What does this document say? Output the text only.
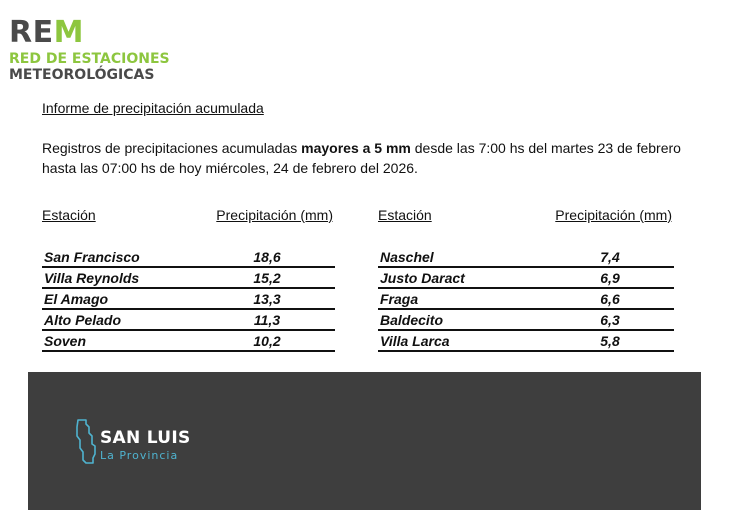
REM
RED DE ESTACIONES
METEOROLÓGICAS
Informe de precipitación acumulada
Registros de precipitaciones acumuladas mayores a 5 mm desde las 7:00 hs del martes 23 de febrero hasta las 07:00 hs de hoy miércoles, 24 de febrero del 2026.
Estación	Precipitación (mm)
San Francisco	18,6
Villa Reynolds	15,2
El Amago	13,3
Alto Pelado	11,3
Soven	10,2
Estación	Precipitación (mm)
Naschel	7,4
Justo Daract	6,9
Fraga	6,6
Baldecito	6,3
Villa Larca	5,8
SAN LUIS
La Provincia
